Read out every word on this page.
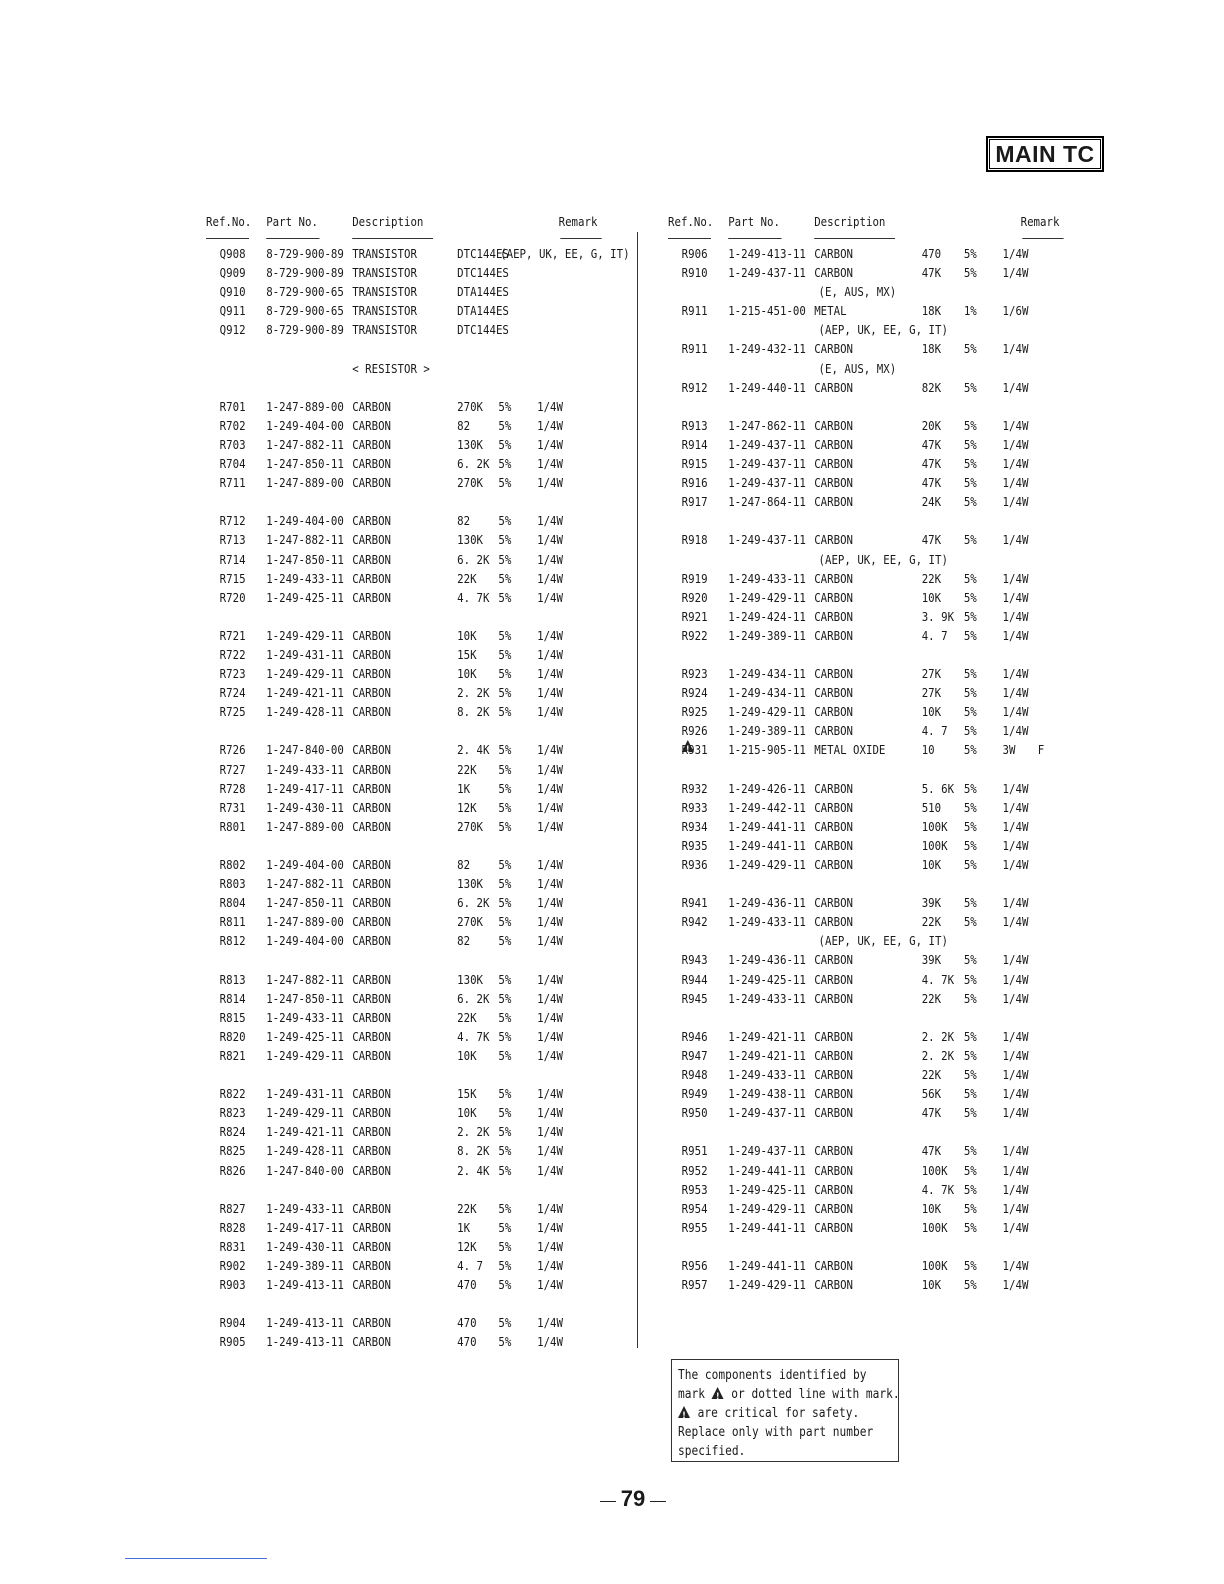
MAIN TC
Ref.No. Part No.	Description	Remark
Q908 8-729-900-89 TRANSISTOR	DTC144ES
(AEP, UK, EE, G, IT)
Q909 8-729-900-89 TRANSISTOR	DTC144ES
Q910 8-729-900-65 TRANSISTOR	DTA144ES
Q911 8-729-900-65 TRANSISTOR	DTA144ES
Q912 8-729-900-89 TRANSISTOR	DTC144ES
< RESISTOR >
R701 1-247-889-00 CARBON	270K 5% 1/4W
R702 1-249-404-00 CARBON	82 5% 1/4W
R703 1-247-882-11 CARBON	130K 5% 1/4W
R704 1-247-850-11 CARBON	6. 2K 5% 1/4W
R711 1-247-889-00 CARBON	270K 5% 1/4W
R712 1-249-404-00 CARBON	82 5% 1/4W
R713 1-247-882-11 CARBON	130K 5% 1/4W
R714 1-247-850-11 CARBON	6. 2K 5% 1/4W
R715 1-249-433-11 CARBON	22K 5% 1/4W
R720 1-249-425-11 CARBON	4. 7K 5% 1/4W
R721 1-249-429-11 CARBON	10K 5% 1/4W
R722 1-249-431-11 CARBON	15K 5% 1/4W
R723 1-249-429-11 CARBON	10K 5% 1/4W
R724 1-249-421-11 CARBON	2. 2K 5% 1/4W
R725 1-249-428-11 CARBON	8. 2K 5% 1/4W
R726 1-247-840-00 CARBON	2. 4K 5% 1/4W
R727 1-249-433-11 CARBON	22K 5% 1/4W
R728 1-249-417-11 CARBON	1K 5% 1/4W
R731 1-249-430-11 CARBON	12K 5% 1/4W
R801 1-247-889-00 CARBON	270K 5% 1/4W
R802 1-249-404-00 CARBON	82 5% 1/4W
R803 1-247-882-11 CARBON	130K 5% 1/4W
R804 1-247-850-11 CARBON	6. 2K 5% 1/4W
R811 1-247-889-00 CARBON	270K 5% 1/4W
R812 1-249-404-00 CARBON	82 5% 1/4W
R813 1-247-882-11 CARBON	130K 5% 1/4W
R814 1-247-850-11 CARBON	6. 2K 5% 1/4W
R815 1-249-433-11 CARBON	22K 5% 1/4W
R820 1-249-425-11 CARBON	4. 7K 5% 1/4W
R821 1-249-429-11 CARBON	10K 5% 1/4W
R822 1-249-431-11 CARBON	15K 5% 1/4W
R823 1-249-429-11 CARBON	10K 5% 1/4W
R824 1-249-421-11 CARBON	2. 2K 5% 1/4W
R825 1-249-428-11 CARBON	8. 2K 5% 1/4W
R826 1-247-840-00 CARBON	2. 4K 5% 1/4W
R827 1-249-433-11 CARBON	22K 5% 1/4W
R828 1-249-417-11 CARBON	1K 5% 1/4W
R831 1-249-430-11 CARBON	12K 5% 1/4W
R902 1-249-389-11 CARBON	4. 7 5% 1/4W
R903 1-249-413-11 CARBON	470 5% 1/4W
R904 1-249-413-11 CARBON	470 5% 1/4W
R905 1-249-413-11 CARBON	470 5% 1/4W
Ref.No. Part No.	Description	Remark
R906 1-249-413-11 CARBON	470 5% 1/4W
R910 1-249-437-11 CARBON	47K 5% 1/4W
(E, AUS, MX)
R911 1-215-451-00 METAL	18K 1% 1/6W
(AEP, UK, EE, G, IT)
R911 1-249-432-11 CARBON	18K 5% 1/4W
(E, AUS, MX)
R912 1-249-440-11 CARBON	82K 5% 1/4W
R913 1-247-862-11 CARBON	20K 5% 1/4W
R914 1-249-437-11 CARBON	47K 5% 1/4W
R915 1-249-437-11 CARBON	47K 5% 1/4W
R916 1-249-437-11 CARBON	47K 5% 1/4W
R917 1-247-864-11 CARBON	24K 5% 1/4W
R918 1-249-437-11 CARBON	47K 5% 1/4W
(AEP, UK, EE, G, IT)
R919 1-249-433-11 CARBON	22K 5% 1/4W
R920 1-249-429-11 CARBON	10K 5% 1/4W
R921 1-249-424-11 CARBON	3. 9K 5% 1/4W
R922 1-249-389-11 CARBON	4. 7 5% 1/4W
R923 1-249-434-11 CARBON	27K 5% 1/4W
R924 1-249-434-11 CARBON	27K 5% 1/4W
R925 1-249-429-11 CARBON	10K 5% 1/4W
R926 1-249-389-11 CARBON	4. 7 5% 1/4W
!
R931 1-215-905-11 METAL OXIDE	10 5% 3W F
R932 1-249-426-11 CARBON	5. 6K 5% 1/4W
R933 1-249-442-11 CARBON	510 5% 1/4W
R934 1-249-441-11 CARBON	100K 5% 1/4W
R935 1-249-441-11 CARBON	100K 5% 1/4W
R936 1-249-429-11 CARBON	10K 5% 1/4W
R941 1-249-436-11 CARBON	39K 5% 1/4W
R942 1-249-433-11 CARBON	22K 5% 1/4W
(AEP, UK, EE, G, IT)
R943 1-249-436-11 CARBON	39K 5% 1/4W
R944 1-249-425-11 CARBON	4. 7K 5% 1/4W
R945 1-249-433-11 CARBON	22K 5% 1/4W
R946 1-249-421-11 CARBON	2. 2K 5% 1/4W
R947 1-249-421-11 CARBON	2. 2K 5% 1/4W
R948 1-249-433-11 CARBON	22K 5% 1/4W
R949 1-249-438-11 CARBON	56K 5% 1/4W
R950 1-249-437-11 CARBON	47K 5% 1/4W
R951 1-249-437-11 CARBON	47K 5% 1/4W
R952 1-249-441-11 CARBON	100K 5% 1/4W
R953 1-249-425-11 CARBON	4. 7K 5% 1/4W
R954 1-249-429-11 CARBON	10K 5% 1/4W
R955 1-249-441-11 CARBON	100K 5% 1/4W
R956 1-249-441-11 CARBON	100K 5% 1/4W
R957 1-249-429-11 CARBON	10K 5% 1/4W
The components identified by
mark ! or dotted line with mark.
! are critical for safety.
Replace only with part number
specified.
79
